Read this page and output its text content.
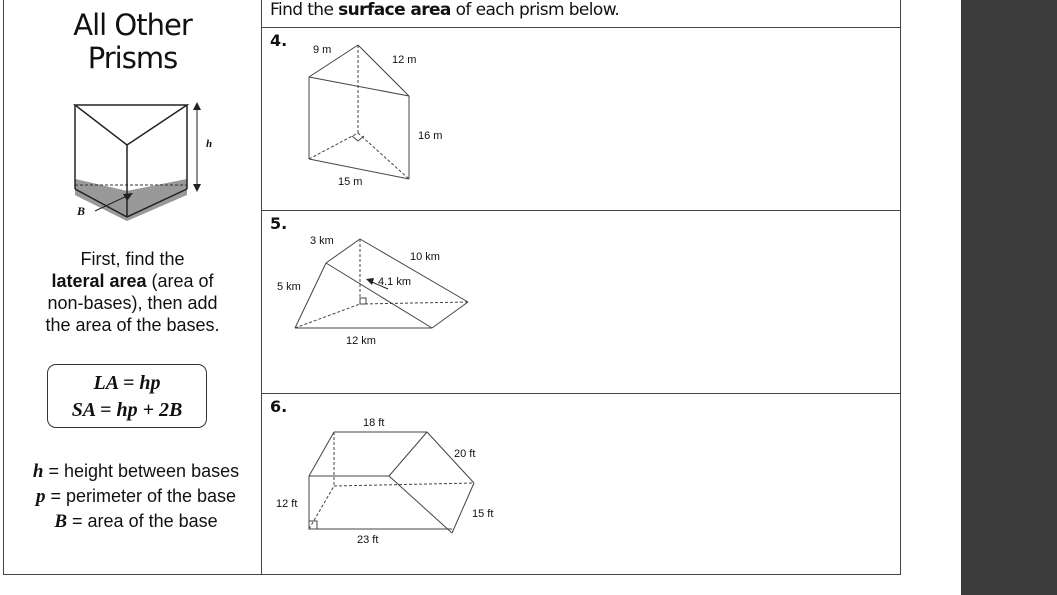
All Other
Prisms
h
B
First, find the
lateral area (area of
non-bases), then add
the area of the bases.
LA = hp
SA = hp + 2B
h = height between bases
p = perimeter of the base
B = area of the base
Find the surface area of each prism below.
4. 9 m
12 m
16 m
15 m
5.
3 km
10 km
5 km	4.1 km
12 km
6.
18 ft
20 ft
12 ft
15 ft
23 ft
